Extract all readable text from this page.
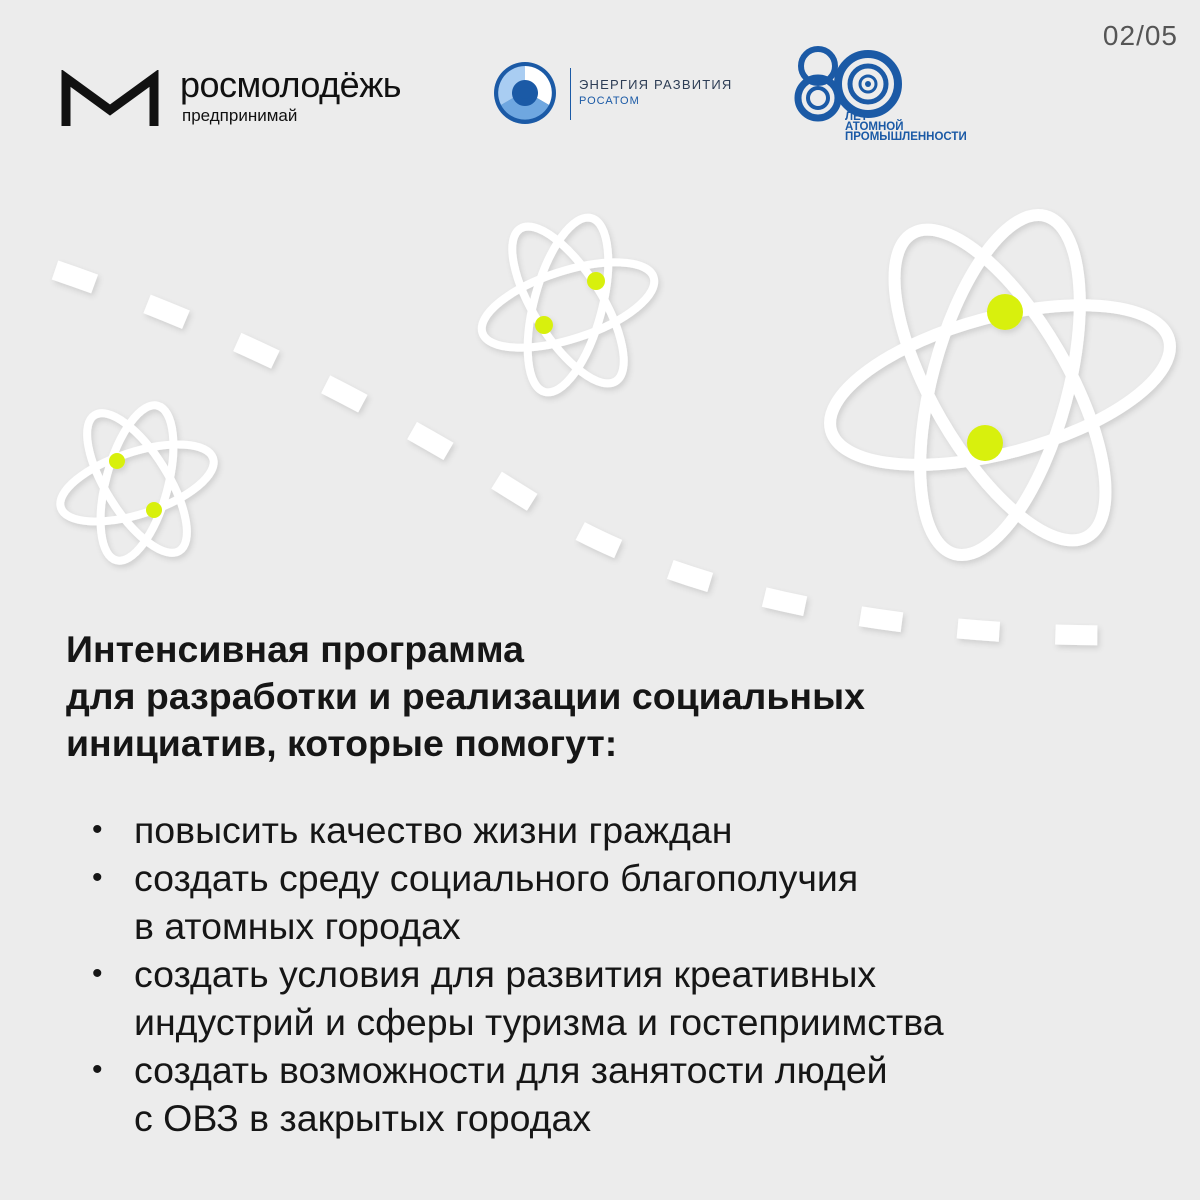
02/05
росмолодёжь
предпринимай
ЭНЕРГИЯ РАЗВИТИЯ
РОСАТОМ
ЛЕТ
АТОМНОЙ
ПРОМЫШЛЕННОСТИ
Интенсивная программа
для разработки и реализации социальных
инициатив, которые помогут:
• повысить качество жизни граждан
• создать среду социального благополучия
в атомных городах
• создать условия для развития креативных
индустрий и сферы туризма и гостеприимства
• создать возможности для занятости людей
с ОВЗ в закрытых городах
